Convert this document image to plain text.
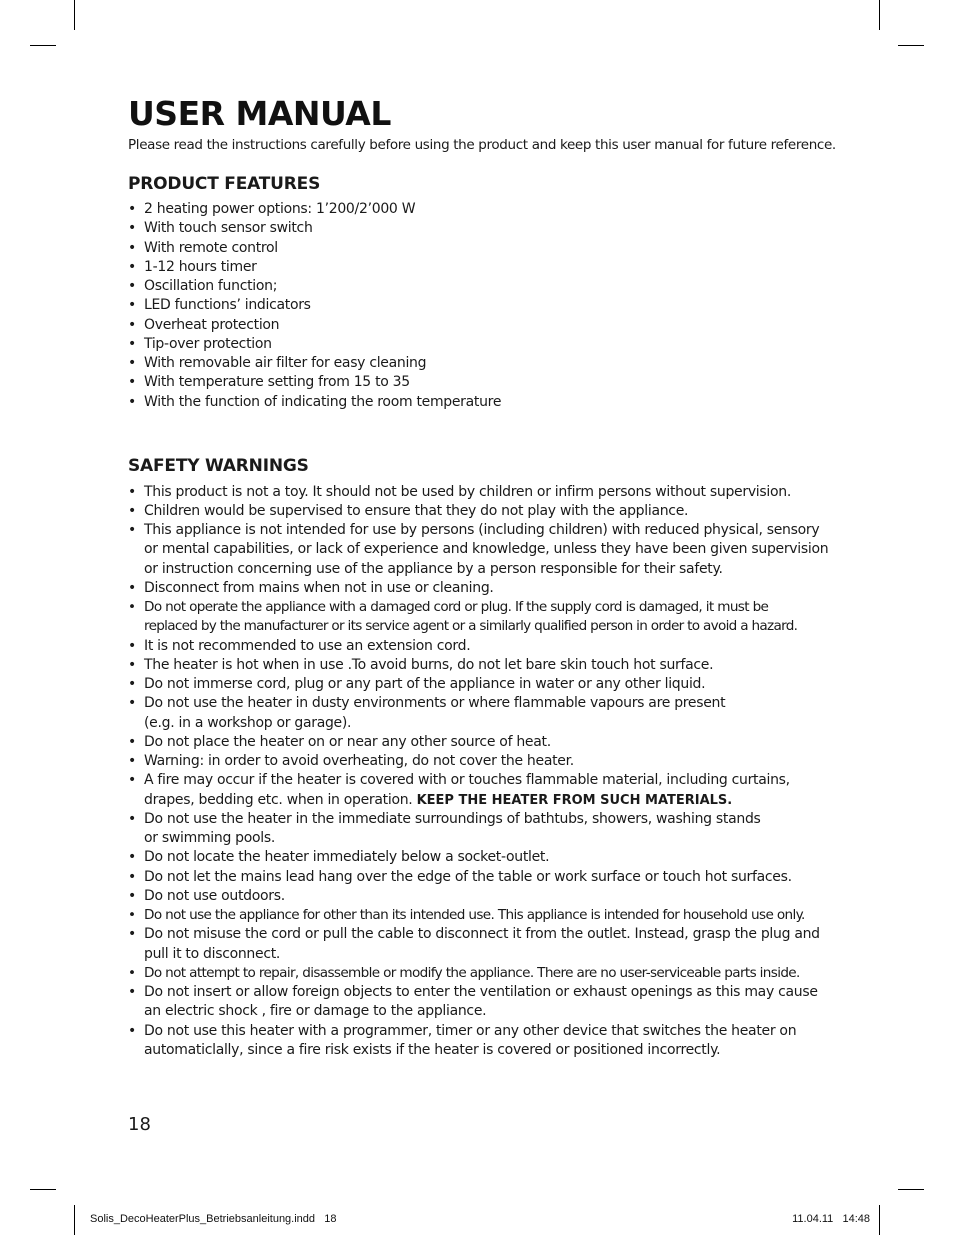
USER MANUAL

Please read the instructions carefully before using the product and keep this user manual for future reference.

PRODUCT FEATURES
• 2 heating power options: 1’200/2’000 W
• With touch sensor switch
• With remote control
• 1-12 hours timer
• Oscillation function;
• LED functions’ indicators
• Overheat protection
• Tip-over protection
• With removable air filter for easy cleaning
• With temperature setting from 15 to 35
• With the function of indicating the room temperature
SAFETY WARNINGS
• This product is not a toy. It should not be used by children or infirm persons without supervision.
• Children would be supervised to ensure that they do not play with the appliance.
• This appliance is not intended for use by persons (including children) with reduced physical, sensory
or mental capabilities, or lack of experience and knowledge, unless they have been given supervision
or instruction concerning use of the appliance by a person responsible for their safety.
• Disconnect from mains when not in use or cleaning.
• Do not operate the appliance with a damaged cord or plug. If the supply cord is damaged, it must be
replaced by the manufacturer or its service agent or a similarly qualified person in order to avoid a hazard.
• It is not recommended to use an extension cord.
• The heater is hot when in use .To avoid burns, do not let bare skin touch hot surface.
• Do not immerse cord, plug or any part of the appliance in water or any other liquid.
• Do not use the heater in dusty environments or where flammable vapours are present
(e.g. in a workshop or garage).
• Do not place the heater on or near any other source of heat.
• Warning: in order to avoid overheating, do not cover the heater.
• A fire may occur if the heater is covered with or touches flammable material, including curtains,
drapes, bedding etc. when in operation. KEEP THE HEATER FROM SUCH MATERIALS.
• Do not use the heater in the immediate surroundings of bathtubs, showers, washing stands
or swimming pools.
• Do not locate the heater immediately below a socket-outlet.
• Do not let the mains lead hang over the edge of the table or work surface or touch hot surfaces.
• Do not use outdoors.
• Do not use the appliance for other than its intended use. This appliance is intended for household use only.
• Do not misuse the cord or pull the cable to disconnect it from the outlet. Instead, grasp the plug and
pull it to disconnect.
• Do not attempt to repair, disassemble or modify the appliance. There are no user-serviceable parts inside.
• Do not insert or allow foreign objects to enter the ventilation or exhaust openings as this may cause
an electric shock , fire or damage to the appliance.
• Do not use this heater with a programmer, timer or any other device that switches the heater on
automaticlally, since a fire risk exists if the heater is covered or positioned incorrectly.
18
Solis_DecoHeaterPlus_Betriebsanleitung.indd   18	11.04.11   14:48
